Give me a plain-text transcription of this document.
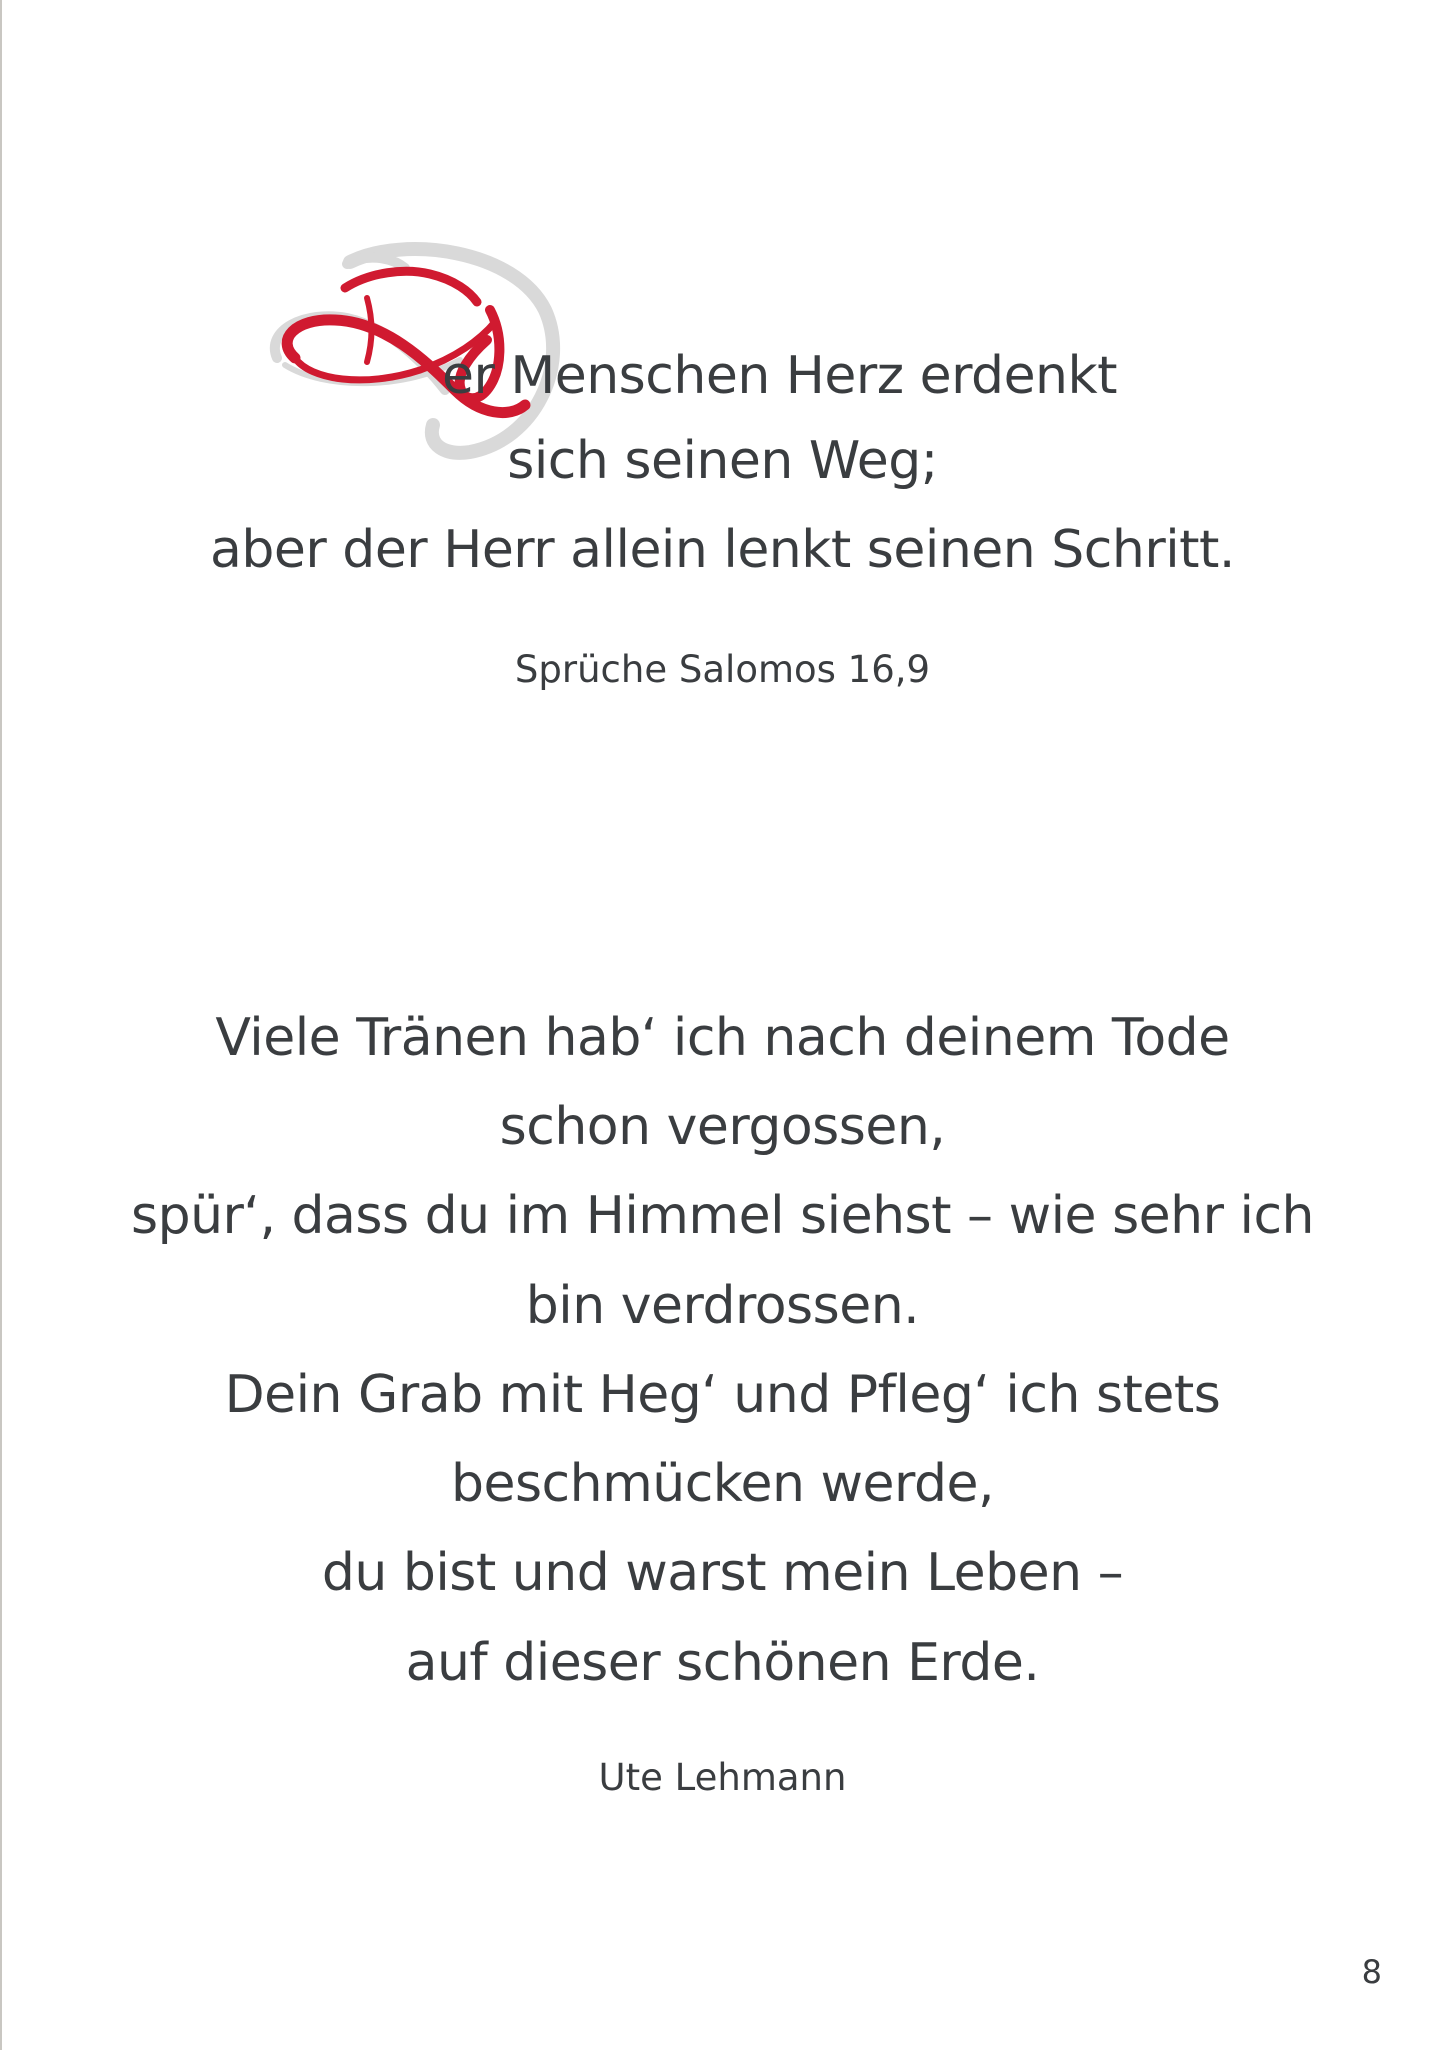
er Menschen Herz erdenkt
sich seinen Weg;
aber der Herr allein lenkt seinen Schritt.
Sprüche Salomos 16,9
Viele Tränen hab‘ ich nach deinem Tode
schon vergossen,
spür‘, dass du im Himmel siehst – wie sehr ich
bin verdrossen.
Dein Grab mit Heg‘ und Pfleg‘ ich stets
beschmücken werde,
du bist und warst mein Leben –
auf dieser schönen Erde.
Ute Lehmann
8
